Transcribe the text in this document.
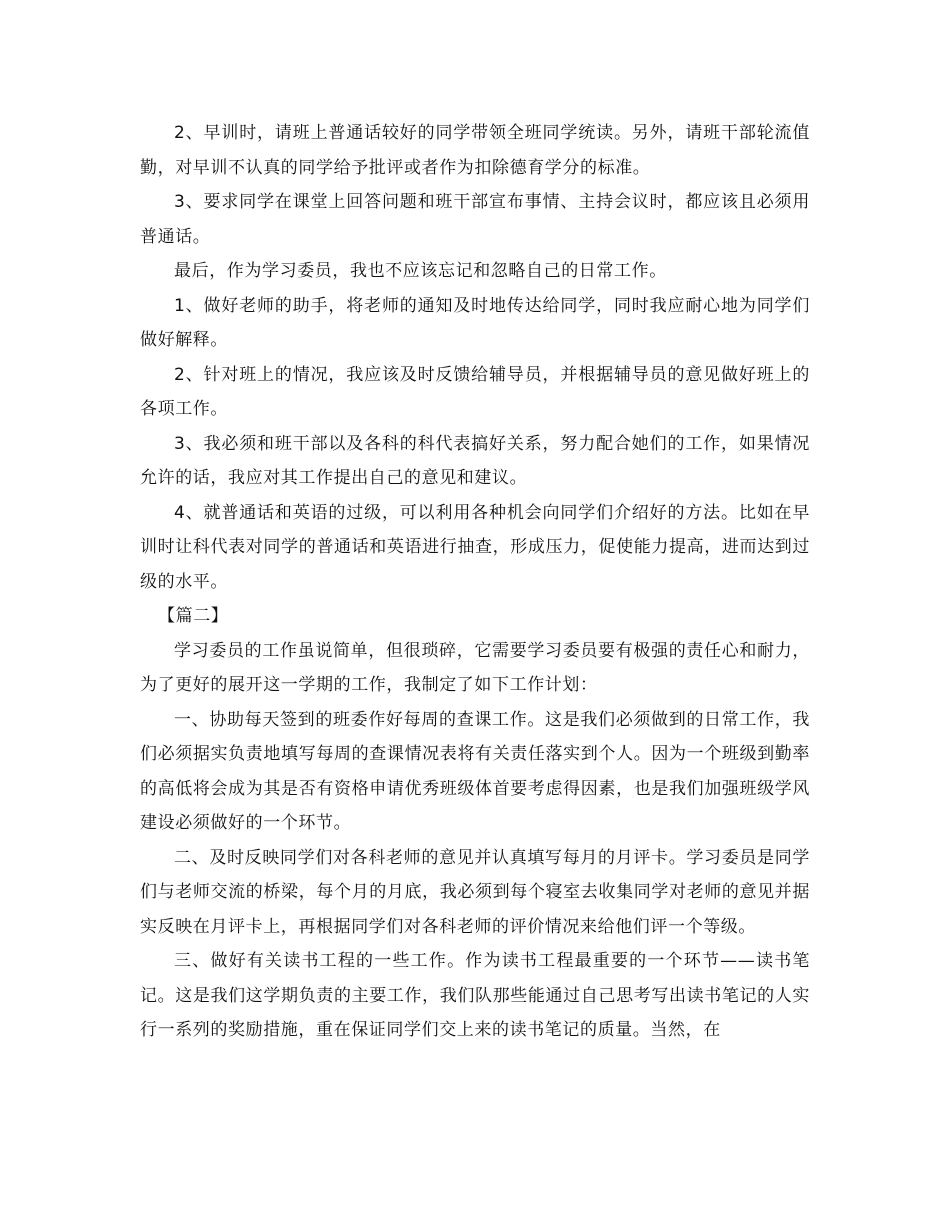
2、早训时，请班上普通话较好的同学带领全班同学统读。另外，请班干部轮流值勤，对早训不认真的同学给予批评或者作为扣除德育学分的标准。

3、要求同学在课堂上回答问题和班干部宣布事情、主持会议时，都应该且必须用普通话。

最后，作为学习委员，我也不应该忘记和忽略自己的日常工作。

1、做好老师的助手，将老师的通知及时地传达给同学，同时我应耐心地为同学们做好解释。

2、针对班上的情况，我应该及时反馈给辅导员，并根据辅导员的意见做好班上的各项工作。

3、我必须和班干部以及各科的科代表搞好关系，努力配合她们的工作，如果情况允许的话，我应对其工作提出自己的意见和建议。

4、就普通话和英语的过级，可以利用各种机会向同学们介绍好的方法。比如在早训时让科代表对同学的普通话和英语进行抽查，形成压力，促使能力提高，进而达到过级的水平。

【篇二】

学习委员的工作虽说简单，但很琐碎，它需要学习委员要有极强的责任心和耐力，为了更好的展开这一学期的工作，我制定了如下工作计划：

一、协助每天签到的班委作好每周的查课工作。这是我们必须做到的日常工作，我们必须据实负责地填写每周的查课情况表将有关责任落实到个人。因为一个班级到勤率的高低将会成为其是否有资格申请优秀班级体首要考虑得因素，也是我们加强班级学风建设必须做好的一个环节。

二、及时反映同学们对各科老师的意见并认真填写每月的月评卡。学习委员是同学们与老师交流的桥梁，每个月的月底，我必须到每个寝室去收集同学对老师的意见并据实反映在月评卡上，再根据同学们对各科老师的评价情况来给他们评一个等级。

三、做好有关读书工程的一些工作。作为读书工程最重要的一个环节——读书笔记。这是我们这学期负责的主要工作，我们队那些能通过自己思考写出读书笔记的人实行一系列的奖励措施，重在保证同学们交上来的读书笔记的质量。当然，在
